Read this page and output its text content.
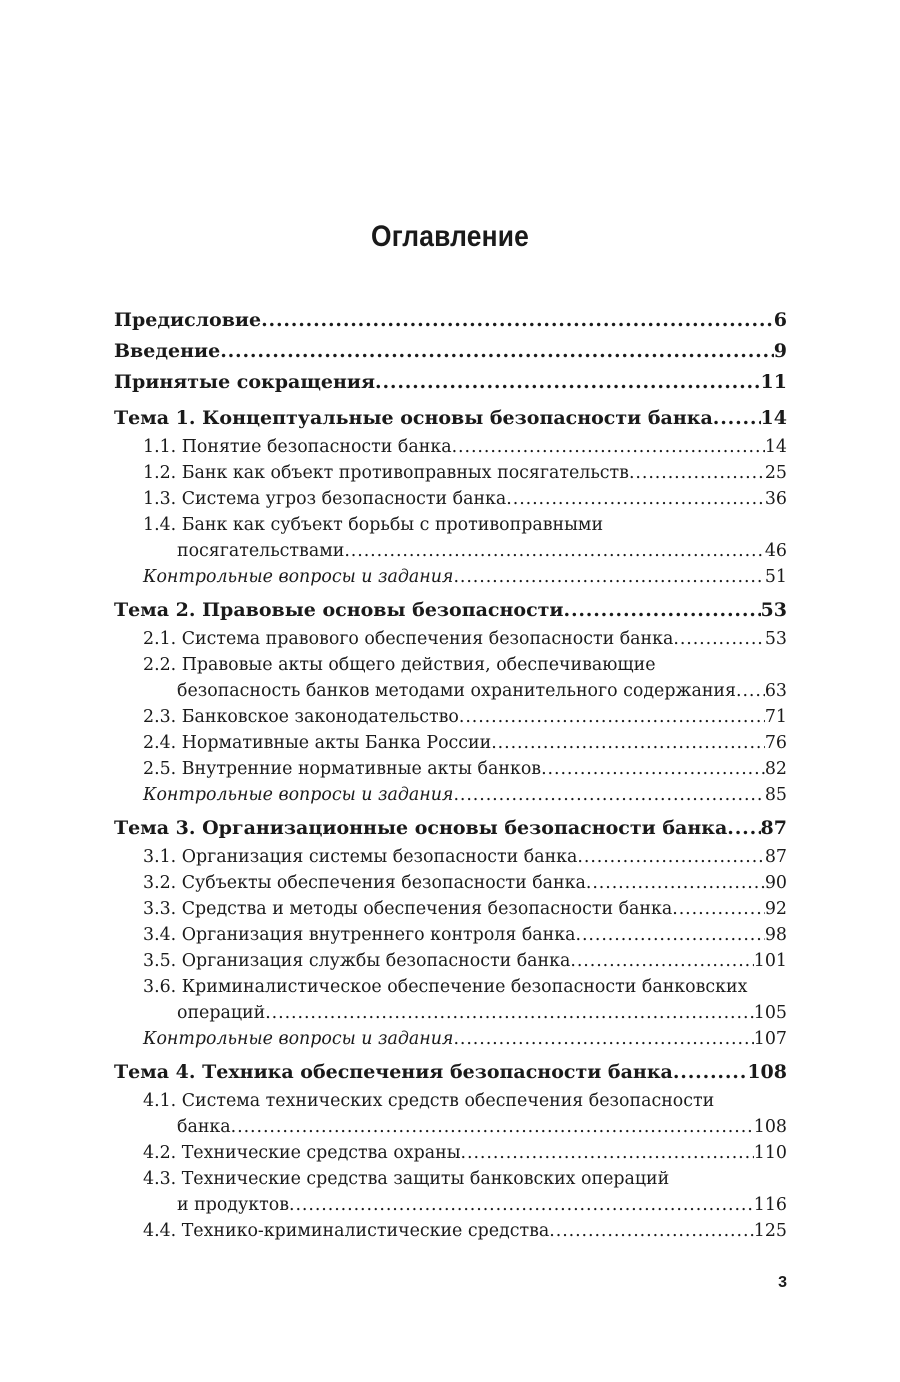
Оглавление
Предисловие . . .	6
Введение . . .	9
Принятые сокращения . . .	11
Тема 1. Концептуальные основы безопасности банка . . .	14
1.1. Понятие безопасности банка . . .	14
1.2. Банк как объект противоправных посягательств . . .	25
1.3. Система угроз безопасности банка . . .	36
1.4. Банк как субъект борьбы с противоправными
посягательствами . . .	46
Контрольные вопросы и задания . . .	51
Тема 2. Правовые основы безопасности . . .	53
2.1. Система правового обеспечения безопасности банка . . .	53
2.2. Правовые акты общего действия, обеспечивающие
безопасность банков методами охранительного содержания . . . 63
2.3. Банковское законодательство . . .	71
2.4. Нормативные акты Банка России . . .	76
2.5. Внутренние нормативные акты банков . . .	82
Контрольные вопросы и задания . . .	85
Тема 3. Организационные основы безопасности банка . . . 87
3.1. Организация системы безопасности банка . . .	87
3.2. Субъекты обеспечения безопасности банка . . .	90
3.3. Средства и методы обеспечения безопасности банка . . .	92
3.4. Организация внутреннего контроля банка . . .	98
3.5. Организация службы безопасности банка . . .	101
3.6. Криминалистическое обеспечение безопасности банковских
операций . . .	105
Контрольные вопросы и задания . . .	107
Тема 4. Техника обеспечения безопасности банка . . .	108
4.1. Система технических средств обеспечения безопасности
банка . . .	108
4.2. Технические средства охраны . . .	110
4.3. Технические средства защиты банковских операций
и продуктов . . .	116
4.4. Технико-криминалистические средства . . .	125
3
